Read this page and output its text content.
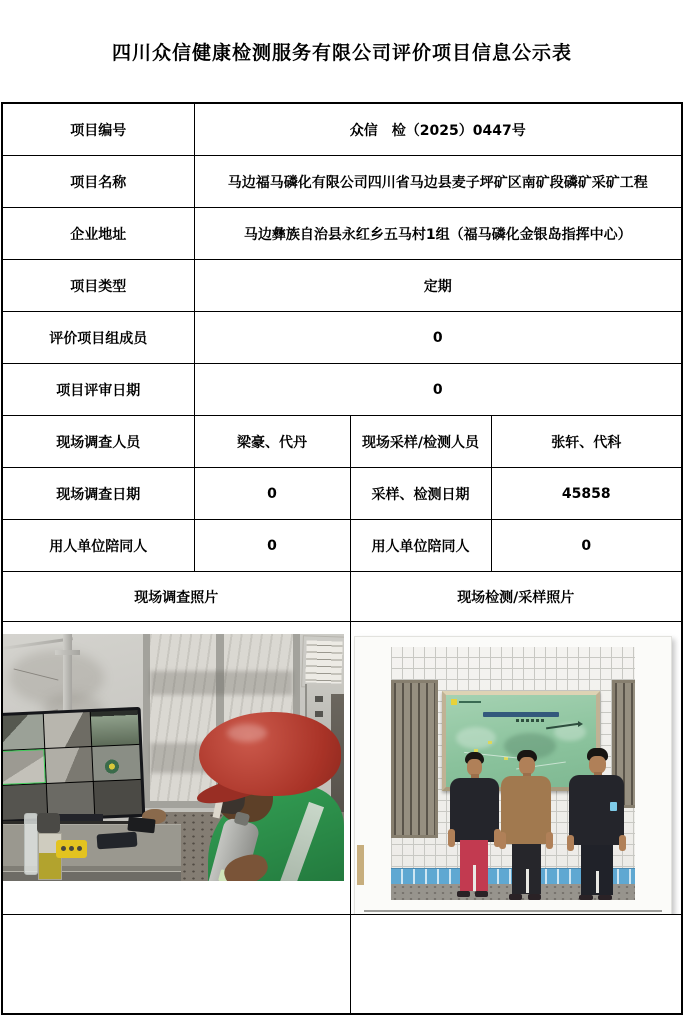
四川众信健康检测服务有限公司评价项目信息公示表
项目编号	众信　检（2025）0447号		
项目名称	马边福马磷化有限公司四川省马边县麦子坪矿区南矿段磷矿采矿工程		
企业地址	马边彝族自治县永红乡五马村1组（福马磷化金银岛指挥中心）		
项目类型	定期		
评价项目组成员	0		
项目评审日期	0		
现场调查人员	梁豪、代丹	现场采样/检测人员	张轩、代科
现场调查日期	0	采样、检测日期	45858
用人单位陪同人	0	用人单位陪同人	0
现场调查照片		现场检测/采样照片	
